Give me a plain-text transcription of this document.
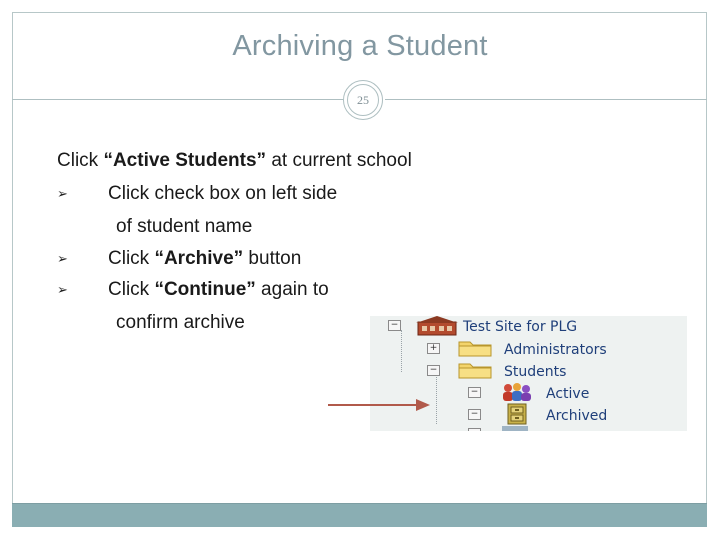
Archiving a Student
25
Click “Active Students” at current school
➢ Click check box on left side
of student name
➢ Click “Archive” button
➢ Click “Continue” again to
confirm archive	−	Test Site for PLG
+	Administrators
−	Students
−	Active
−	Archived
